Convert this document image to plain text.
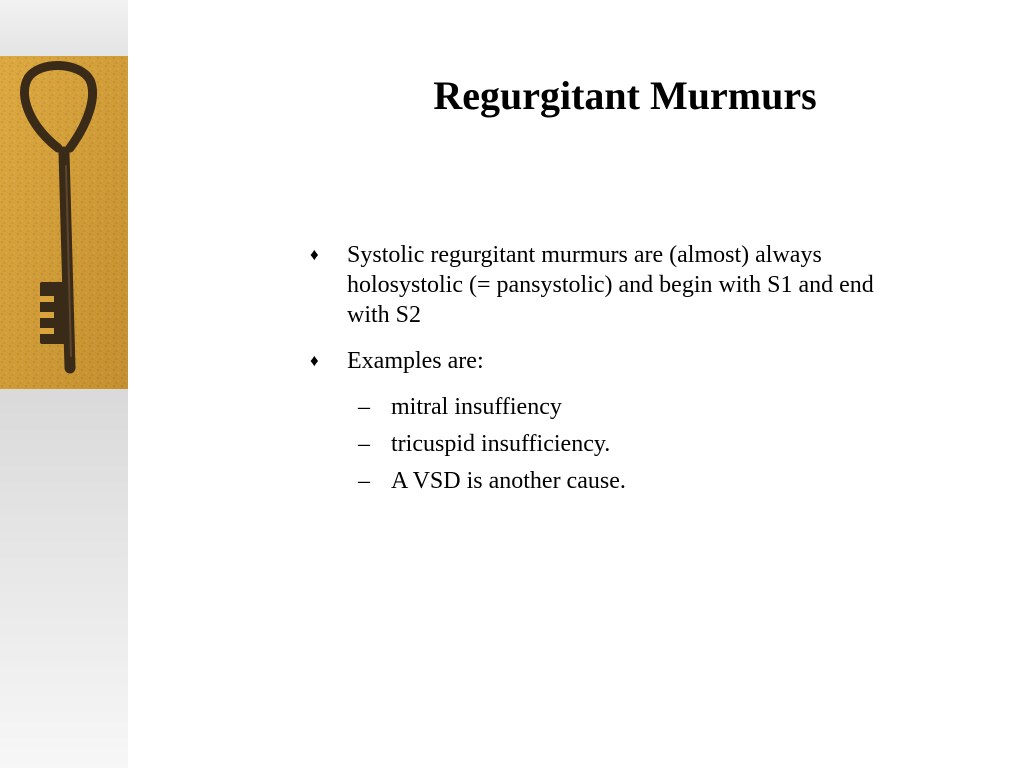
Regurgitant Murmurs
♦ Systolic regurgitant murmurs are (almost) always holosystolic (= pansystolic) and begin with S1 and end with S2
♦ Examples are:
– mitral insuffiency
– tricuspid insufficiency.
– A VSD is another cause.
